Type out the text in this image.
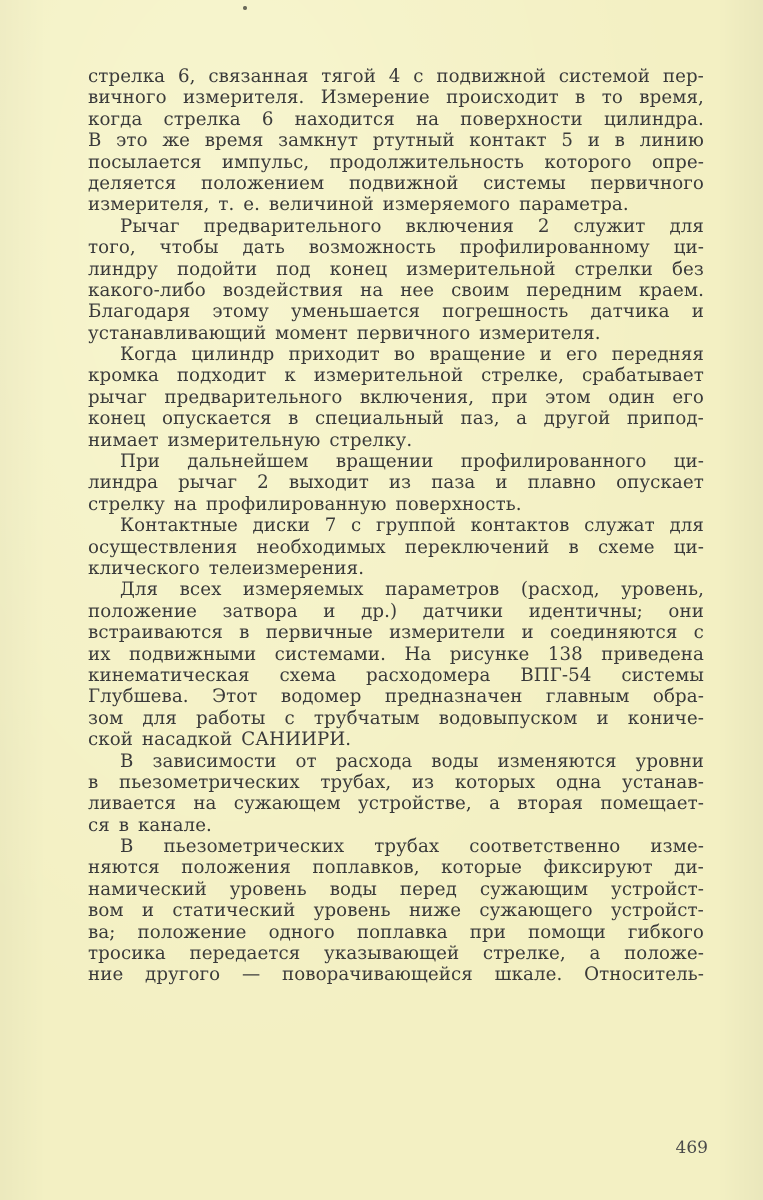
стрелка 6, связанная тягой 4 с подвижной системой пер-
вичного измерителя. Измерение происходит в то время,
когда стрелка 6 находится на поверхности цилиндра.
В это же время замкнут ртутный контакт 5 и в линию
посылается импульс, продолжительность которого опре-
деляется положением подвижной системы первичного
измерителя, т. е. величиной измеряемого параметра.
Рычаг предварительного включения 2 служит для
того, чтобы дать возможность профилированному ци-
линдру подойти под конец измерительной стрелки без
какого-либо воздействия на нее своим передним краем.
Благодаря этому уменьшается погрешность датчика и
устанавливающий момент первичного измерителя.
Когда цилиндр приходит во вращение и его передняя
кромка подходит к измерительной стрелке, срабатывает
рычаг предварительного включения, при этом один его
конец опускается в специальный паз, а другой припод-
нимает измерительную стрелку.
При дальнейшем вращении профилированного ци-
линдра рычаг 2 выходит из паза и плавно опускает
стрелку на профилированную поверхность.
Контактные диски 7 с группой контактов служат для
осуществления необходимых переключений в схеме ци-
клического телеизмерения.
Для всех измеряемых параметров (расход, уровень,
положение затвора и др.) датчики идентичны; они
встраиваются в первичные измерители и соединяются с
их подвижными системами. На рисунке 138 приведена
кинематическая схема расходомера ВПГ-54 системы
Глубшева. Этот водомер предназначен главным обра-
зом для работы с трубчатым водовыпуском и кониче-
ской насадкой САНИИРИ.
В зависимости от расхода воды изменяются уровни
в пьезометрических трубах, из которых одна устанав-
ливается на сужающем устройстве, а вторая помещает-
ся в канале.
В пьезометрических трубах соответственно изме-
няются положения поплавков, которые фиксируют ди-
намический уровень воды перед сужающим устройст-
вом и статический уровень ниже сужающего устройст-
ва; положение одного поплавка при помощи гибкого
тросика передается указывающей стрелке, а положе-
ние другого — поворачивающейся шкале. Относитель-
469
